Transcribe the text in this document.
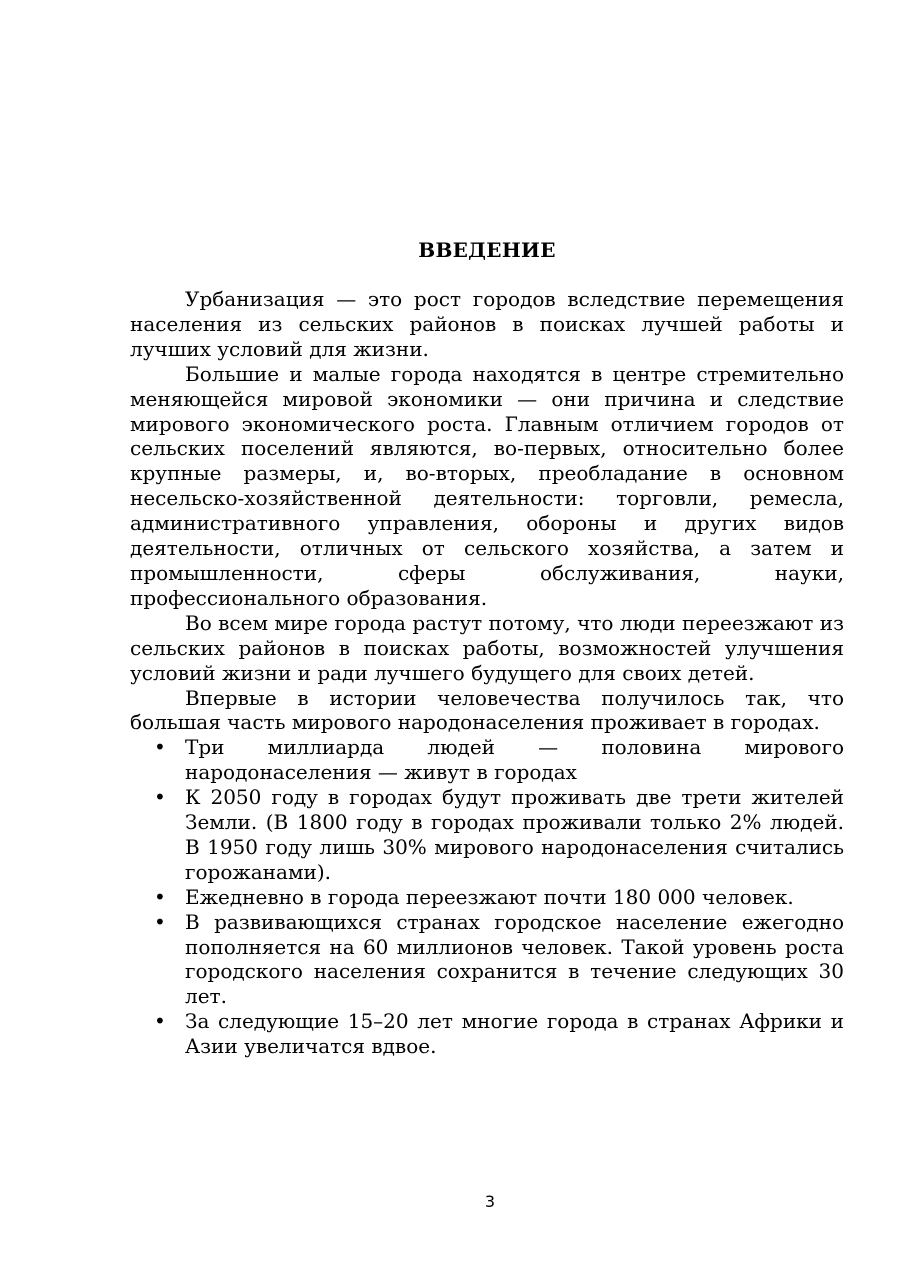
ВВЕДЕНИЕ

Урбанизация — это рост городов вследствие перемещения населения из сельских районов в поисках лучшей работы и лучших условий для жизни.

Большие и малые города находятся в центре стремительно меняющейся мировой экономики — они причина и следствие мирового экономического роста. Главным отличием городов от сельских поселений являются, во-первых, относительно более крупные размеры, и, во-вторых, преобладание в основном несельско-хозяйственной деятельности: торговли, ремесла, административного управления, обороны и других видов деятельности, отличных от сельского хозяйства, а затем и промышленности, сферы обслуживания, науки, профессионального образования.

Во всем мире города растут потому, что люди переезжают из сельских районов в поисках работы, возможностей улучшения условий жизни и ради лучшего будущего для своих детей.

Впервые в истории человечества получилось так, что большая часть мирового народонаселения проживает в городах.

• Три миллиарда людей — половина мирового народонаселения — живут в городах
• К 2050 году в городах будут проживать две трети жителей Земли. (В 1800 году в городах проживали только 2% людей. В 1950 году лишь 30% мирового народонаселения считались горожанами).
• Ежедневно в города переезжают почти 180 000 человек.
• В развивающихся странах городское население ежегодно пополняется на 60 миллионов человек. Такой уровень роста городского населения сохранится в течение следующих 30 лет.
• За следующие 15–20 лет многие города в странах Африки и Азии увеличатся вдвое.
3
